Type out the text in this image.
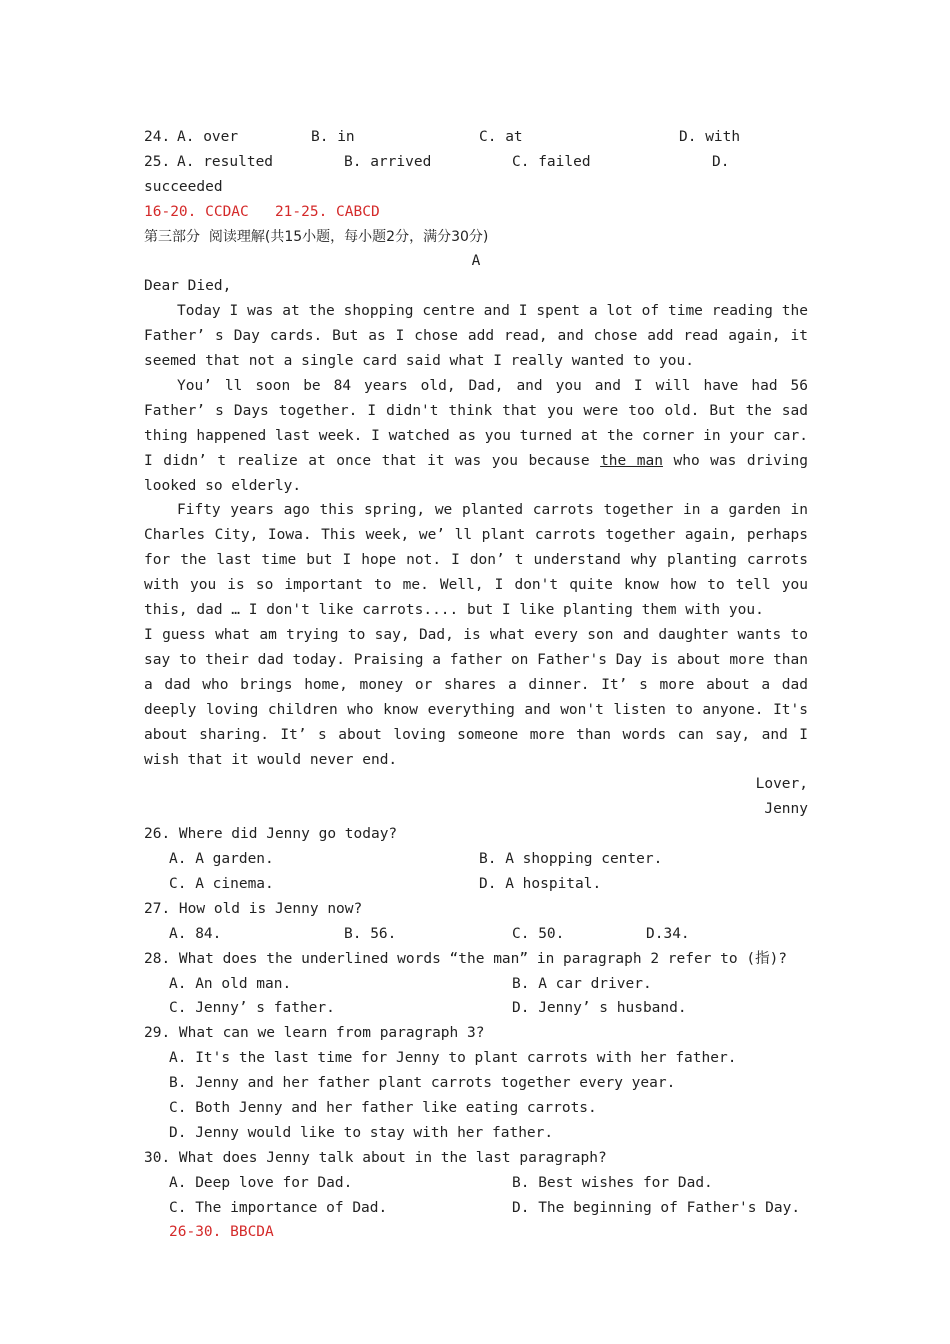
24. A. over	B. in	C. at	D. with
25. A. resulted	B. arrived	C. failed	D.
succeeded
16-20. CCDAC   21-25. CABCD
第三部分  阅读理解(共15小题，每小题2分，满分30分)
A
Dear Died,
Today I was at the shopping centre and I spent a lot of time reading the Father’ s Day cards. But as I chose add read, and chose add read again, it seemed that not a single card said what I really wanted to you.
You’ ll soon be 84 years old, Dad, and you and I will have had 56 Father’ s Days together. I didn't think that you were too old. But the sad thing happened last week. I watched as you turned at the corner in your car. I didn’ t realize at once that it was you because the man who was driving looked so elderly.
Fifty years ago this spring, we planted carrots together in a garden in Charles City, Iowa. This week, we’ ll plant carrots together again, perhaps for the last time but I hope not. I don’ t understand why planting carrots with you is so important to me. Well, I don't quite know how to tell you this, dad … I don't like carrots.... but I like planting them with you.
I guess what am trying to say, Dad, is what every son and daughter wants to say to their dad today. Praising a father on Father's Day is about more than a dad who brings home, money or shares a dinner. It’ s more about a dad deeply loving children who know everything and won't listen to anyone. It's about sharing. It’ s about loving someone more than words can say, and I wish that it would never end.
Lover,
Jenny
26. Where did Jenny go today?
A. A garden.	B. A shopping center.
C. A cinema.	D. A hospital.
27. How old is Jenny now?
A. 84.	B. 56.	C. 50.	D.34.
28. What does the underlined words “the man” in paragraph 2 refer to (指)?
A. An old man.	B. A car driver.
C. Jenny’ s father.	D. Jenny’ s husband.
29. What can we learn from paragraph 3?
A. It's the last time for Jenny to plant carrots with her father.
B. Jenny and her father plant carrots together every year.
C. Both Jenny and her father like eating carrots.
D. Jenny would like to stay with her father.
30. What does Jenny talk about in the last paragraph?
A. Deep love for Dad.	B. Best wishes for Dad.
C. The importance of Dad.	D. The beginning of Father's Day.
26-30. BBCDA
